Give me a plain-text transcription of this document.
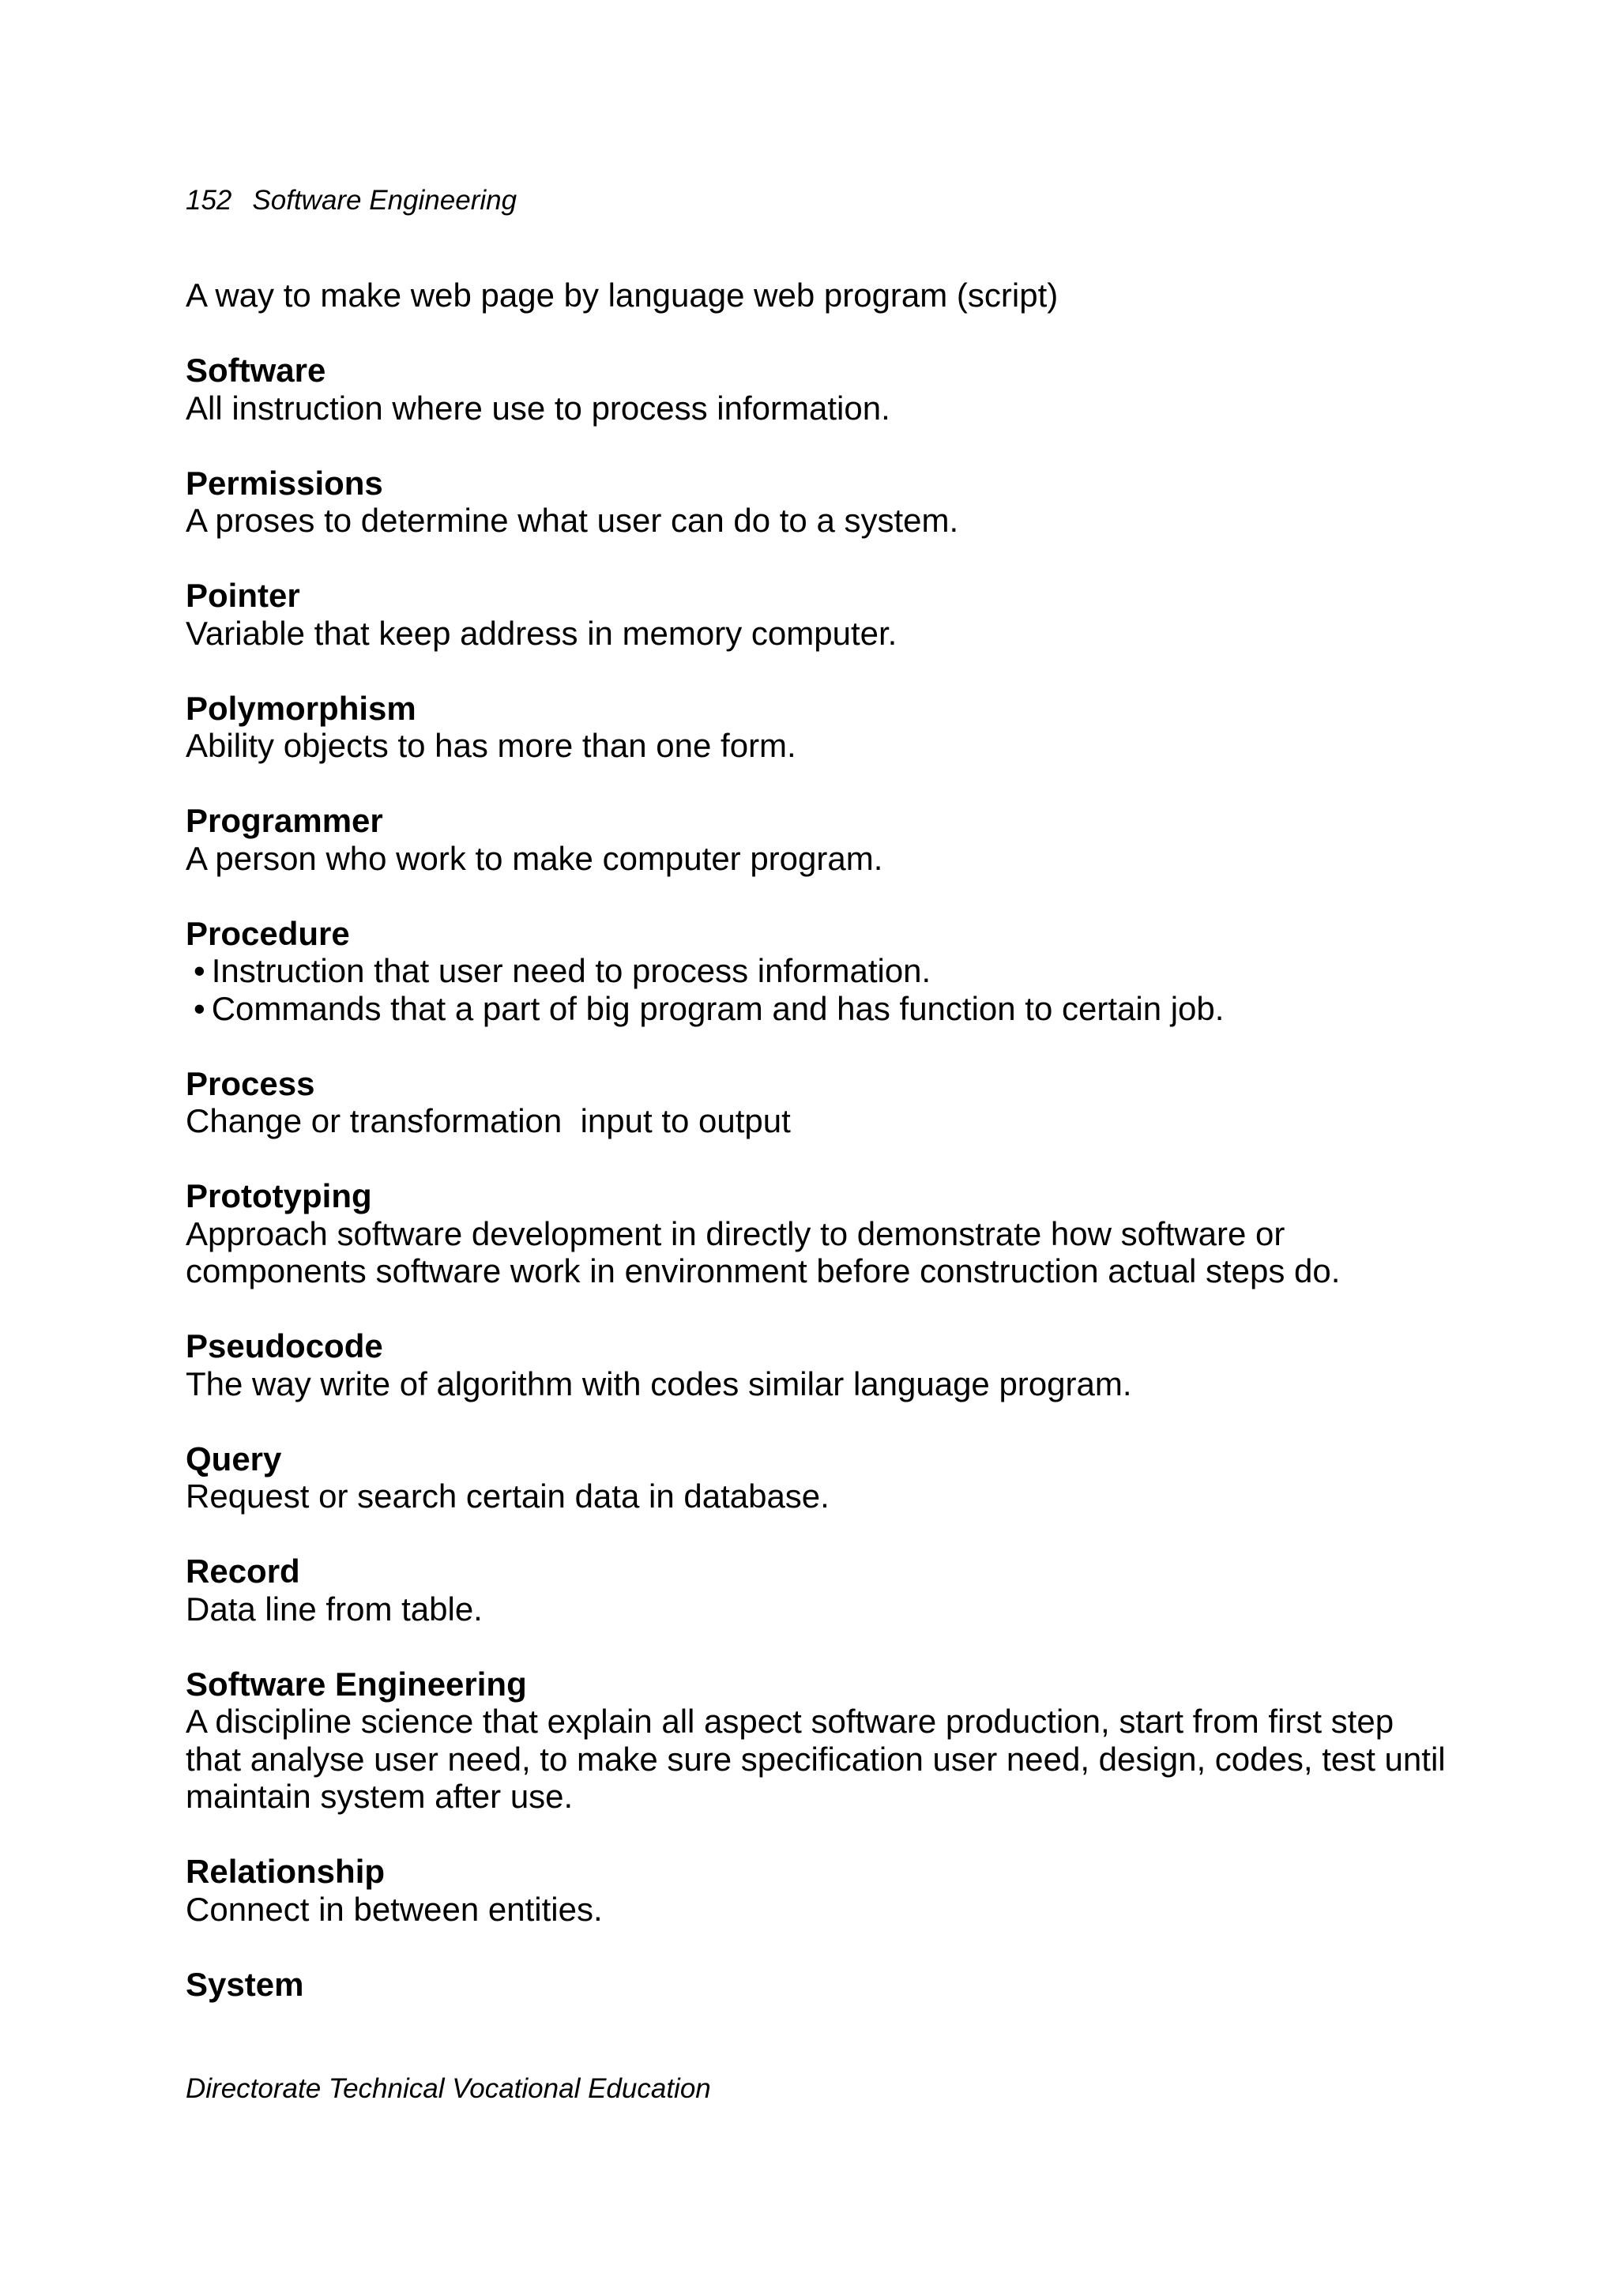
152 Software Engineering
A way to make web page by language web program (script)
Software
All instruction where use to process information.
Permissions
A proses to determine what user can do to a system.
Pointer
Variable that keep address in memory computer.
Polymorphism
Ability objects to has more than one form.
Programmer
A person who work to make computer program.
Procedure
• Instruction that user need to process information.
• Commands that a part of big program and has function to certain job.
Process
Change or transformation  input to output
Prototyping
Approach software development in directly to demonstrate how software or components software work in environment before construction actual steps do.
Pseudocode
The way write of algorithm with codes similar language program.
Query
Request or search certain data in database.
Record
Data line from table.
Software Engineering
A discipline science that explain all aspect software production, start from first step that analyse user need, to make sure specification user need, design, codes, test until maintain system after use.
Relationship
Connect in between entities.
System
Directorate Technical Vocational Education
